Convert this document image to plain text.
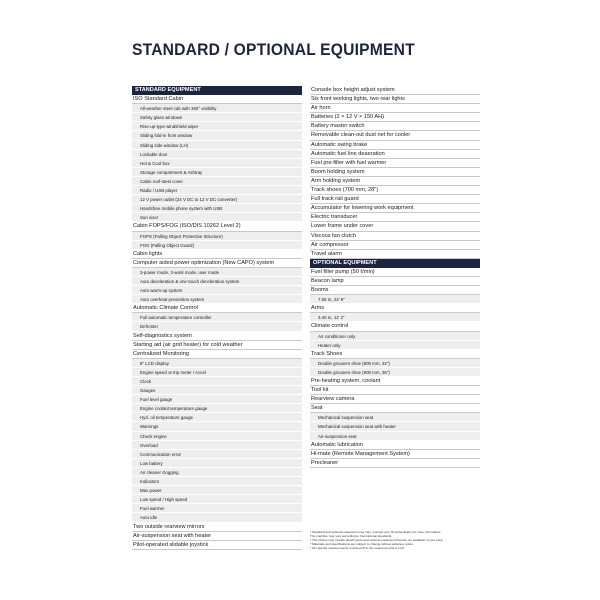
STANDARD / OPTIONAL EQUIPMENT
STANDARD EQUIPMENT
ISO Standard Cabin
All-weather steel cab with 360° visibility
Safety glass windows
Rise-up-type windshield wiper
Sliding fold-in front window
Sliding side window (LH)
Lockable door
Hot & Cool box
Storage compartment & Ashtray
Cabin roof-steel cover
Radio / USB player
12 V power outlet (24 V DC to 12 V DC converter)
Handsfree mobile phone system with USB
Sun visor
Cabin FOPS/FOG (ISO/DIS 10262 Level 2)
FOPS (Falling Object Protective Structure)
FOG (Falling Object Guard)
Cabin lights
Computer aided power optimization (New CAPO) system
3-power mode, 2-work mode, user mode
Auto deceleration & one-touch deceleration system
Auto warm-up system
Auto overheat prevention system
Automatic Climate Control
Full automatic temperature controller
Defroster
Self-diagnostics system
Starting aid (air grid heater) for cold weather
Centralized Monitoring
8" LCD display
Engine speed or trip meter / Accel
Clock
Gauges
Fuel level gauge
Engine coolant temperature gauge
Hyd. oil temperature gauge
Warnings
Check engine
Overload
Communication error
Low battery
Air cleaner clogging
Indicators
Max power
Low speed / High speed
Fuel warmer
Auto idle
Two outside rearview mirrors
Air-suspension seat with heater
Pilot-operated slidable joystick
Console box height adjust system
Six front working lights, two rear lights
Air horn
Batteries (2 × 12 V × 150 AH)
Battery master switch
Removable clean-out dust net for cooler
Automatic swing brake
Automatic fuel line deaeration
Fuel pre-filter with fuel warmer
Boom holding system
Arm holding system
Track shoes (700 mm, 28")
Full track rail guard
Accumulator for lowering work equipment
Electric transducer
Lower frame under cover
Viscous fan clutch
Air compressor
Travel alarm
OPTIONAL EQUIPMENT
Fuel filler pump (50 ℓ/min)
Beacon lamp
Booms
7.55 m, 24' 9"
Arms
3.40 m, 11' 2"
Climate control
Air conditioner only
Heater only
Track Shoes
Double grousers shoe (800 mm, 32")
Double grousers shoe (900 mm, 36")
Pre-heating system, coolant
Tool kit
Rearview camera
Seat
Mechanical suspension seat
Mechanical suspension seat with heater
Air-suspension seat
Automatic lubrication
Hi-mate (Remote Management System)
Precleaner
* Standard and optional equipment may vary. Contact your Hyundai dealer for more information.
The machine may vary according to International standards.
* The photos may include attachments and optional equipment that are not available in your area.
* Materials and specifications are subject to change without advance notice.
* All imperial measurements rounded off to the nearest pound or inch.
